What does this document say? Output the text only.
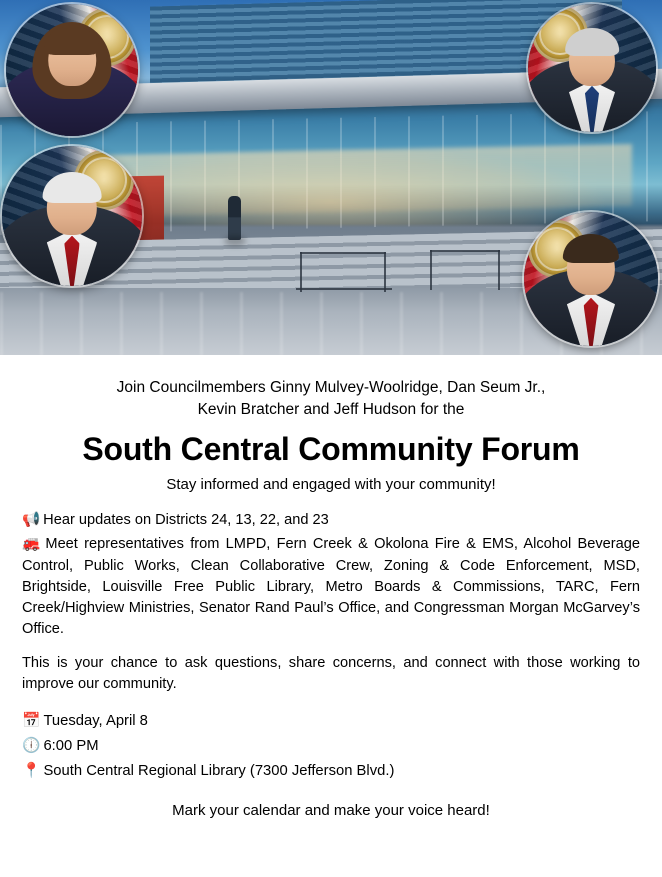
Join Councilmembers Ginny Mulvey-Woolridge, Dan Seum Jr.,
Kevin Bratcher and Jeff Hudson for the
South Central Community Forum
Stay informed and engaged with your community!
📢 Hear updates on Districts 24, 13, 22, and 23
🚒 Meet representatives from LMPD, Fern Creek & Okolona Fire & EMS, Alcohol Beverage Control, Public Works, Clean Collaborative Crew, Zoning & Code Enforcement, MSD, Brightside, Louisville Free Public Library, Metro Boards & Commissions, TARC, Fern Creek/Highview Ministries, Senator Rand Paul’s Office, and Congressman Morgan McGarvey’s Office.
This is your chance to ask questions, share concerns, and connect with those working to improve our community.
📅 Tuesday, April 8
🕕 6:00 PM
📍 South Central Regional Library (7300 Jefferson Blvd.)
Mark your calendar and make your voice heard!
